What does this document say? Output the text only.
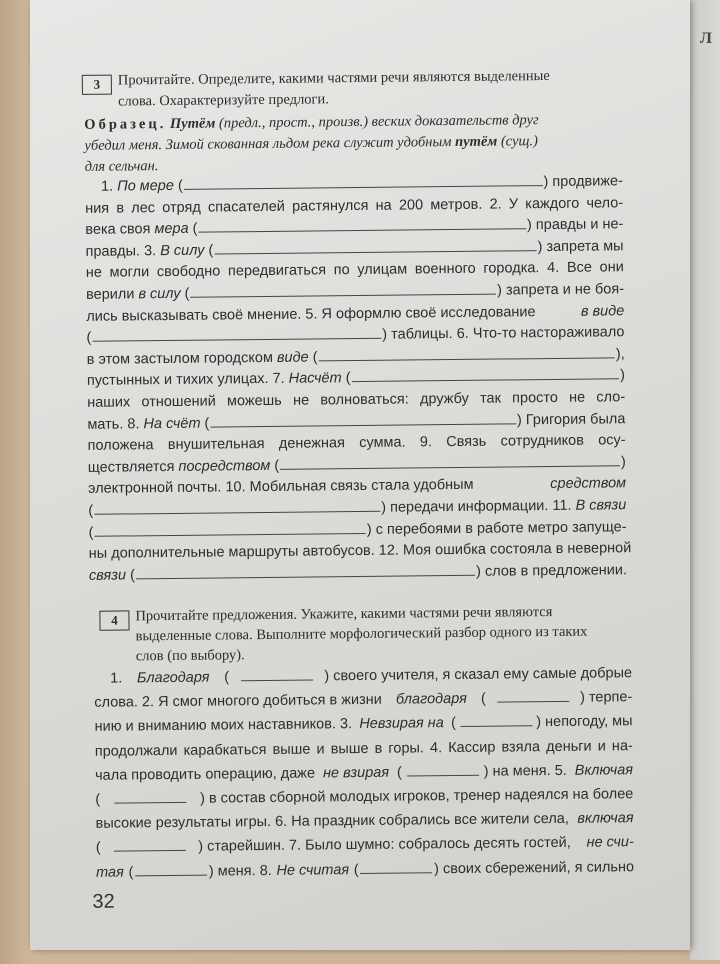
Л
3	Прочитайте. Определите, какими частями речи являются выделенные
слова. Охарактеризуйте предлоги.
Образец. Путём (предл., прост., произв.) веских доказательств друг
убедил меня. Зимой скованная льдом река служит удобным путём (сущ.)
для сельчан.
1. По мере (	) продвиже-
ния в лес отряд спасателей растянулся на 200 метров. 2. У каждого чело-
века своя мера (	) правды и не-
правды. 3. В силу (	) запрета мы
не могли свободно передвигаться по улицам военного городка. 4. Все они
верили в силу (	) запрета и не боя-
лись высказывать своё мнение. 5. Я оформлю своё исследование	в виде
(	) таблицы. 6. Что-то настораживало
в этом застылом городском виде (	),
пустынных и тихих улицах. 7. Насчёт (	)
наших отношений можешь не волноваться: дружбу так просто не сло-
мать. 8. На счёт (	) Григория была
положена внушительная денежная сумма. 9. Связь сотрудников осу-
ществляется посредством (	)
электронной почты. 10. Мобильная связь стала удобным	средством
(	) передачи информации. 11. В связи
(	) с перебоями в работе метро запуще-
ны дополнительные маршруты автобусов. 12. Моя ошибка состояла в неверной
связи (	) слов в предложении.
4	Прочитайте предложения. Укажите, какими частями речи являются
выделенные слова. Выполните морфологический разбор одного из таких
слов (по выбору).
1. Благодаря (	) своего учителя, я сказал ему самые добрые
слова. 2. Я смог многого добиться в жизни благодаря (	) терпе-
нию и вниманию моих наставников. 3. Невзирая на (	) непогоду, мы
продолжали карабкаться выше и выше в горы. 4. Кассир взяла деньги и на-
чала проводить операцию, даже не взирая (	) на меня. 5. Включая
(	) в состав сборной молодых игроков, тренер надеялся на более
высокие результаты игры. 6. На праздник собрались все жители села, включая
(	) старейшин. 7. Было шумно: собралось десять гостей, не счи-
тая (	) меня. 8. Не считая (	) своих сбережений, я сильно
32
